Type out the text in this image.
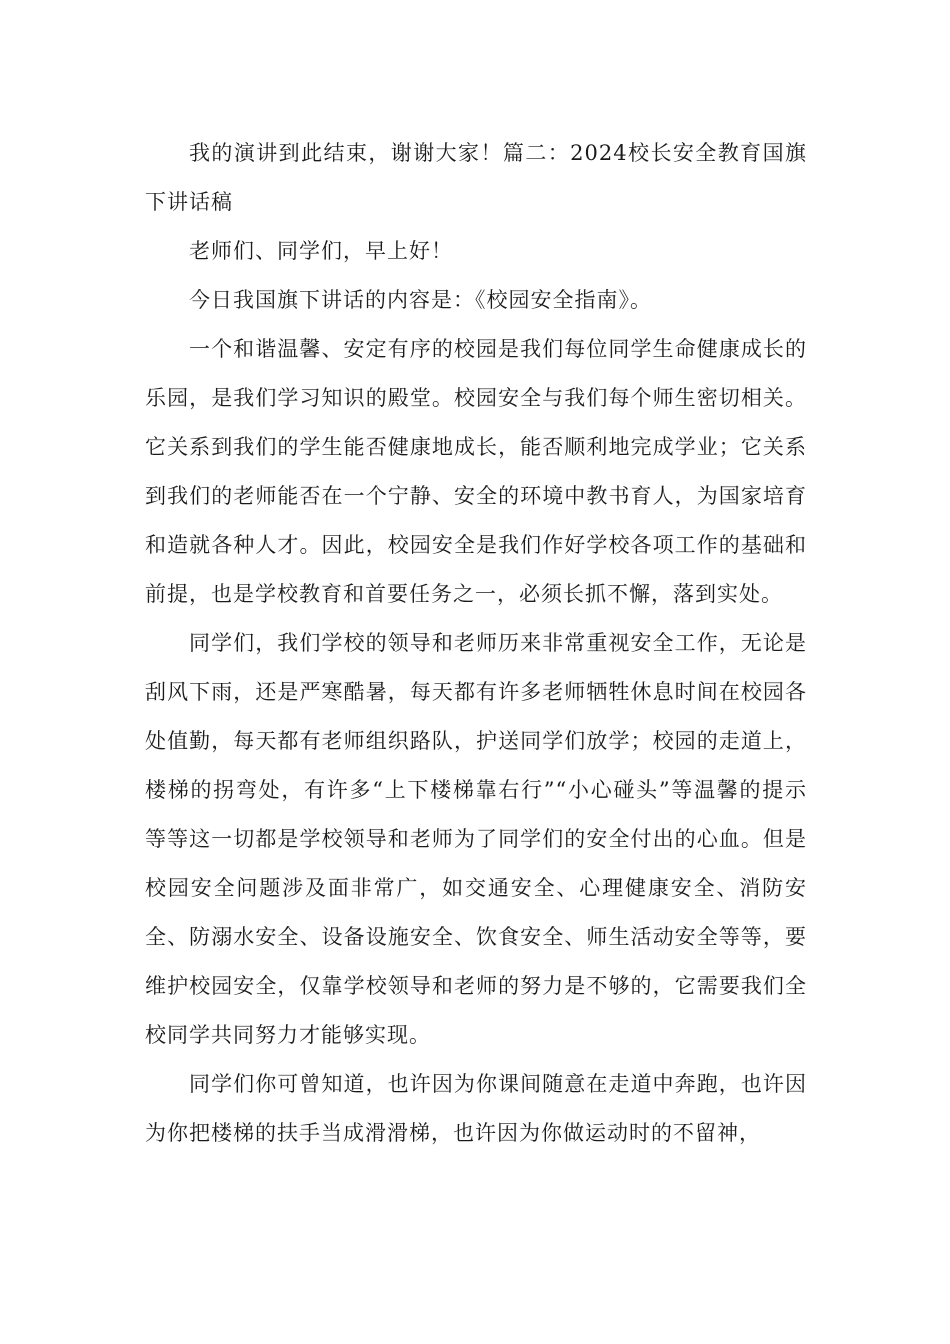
我的演讲到此结束，谢谢大家！篇二：2024校长安全教育国旗下讲话稿

老师们、同学们，早上好！

今日我国旗下讲话的内容是：《校园安全指南》。

一个和谐温馨、安定有序的校园是我们每位同学生命健康成长的乐园，是我们学习知识的殿堂。校园安全与我们每个师生密切相关。它关系到我们的学生能否健康地成长，能否顺利地完成学业；它关系到我们的老师能否在一个宁静、安全的环境中教书育人，为国家培育和造就各种人才。因此，校园安全是我们作好学校各项工作的基础和前提，也是学校教育和首要任务之一，必须长抓不懈，落到实处。

同学们，我们学校的领导和老师历来非常重视安全工作，无论是刮风下雨，还是严寒酷暑，每天都有许多老师牺牲休息时间在校园各处值勤，每天都有老师组织路队，护送同学们放学；校园的走道上，楼梯的拐弯处，有许多“上下楼梯靠右行”“小心碰头”等温馨的提示等等这一切都是学校领导和老师为了同学们的安全付出的心血。但是校园安全问题涉及面非常广，如交通安全、心理健康安全、消防安全、防溺水安全、设备设施安全、饮食安全、师生活动安全等等，要维护校园安全，仅靠学校领导和老师的努力是不够的，它需要我们全校同学共同努力才能够实现。

同学们你可曾知道，也许因为你课间随意在走道中奔跑，也许因为你把楼梯的扶手当成滑滑梯，也许因为你做运动时的不留神，
